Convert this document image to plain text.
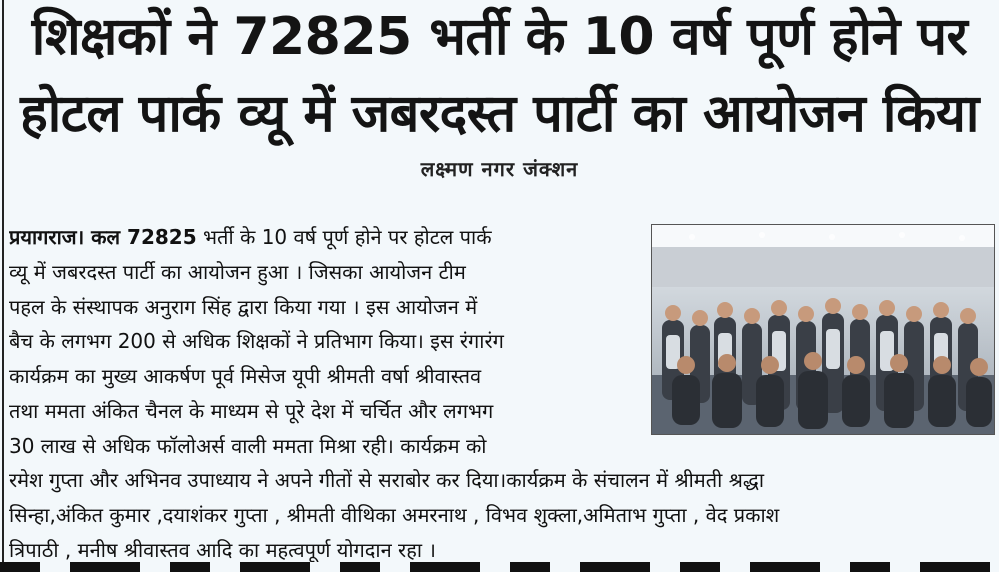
शिक्षकों ने 72825 भर्ती के 10 वर्ष पूर्ण होने पर
होटल पार्क व्यू में जबरदस्त पार्टी का आयोजन किया
लक्ष्मण नगर जंक्शन
प्रयागराज। कल 72825 भर्ती के 10 वर्ष पूर्ण होने पर होटल पार्क
व्यू में जबरदस्त पार्टी का आयोजन हुआ । जिसका आयोजन टीम
पहल के संस्थापक अनुराग सिंह द्वारा किया गया । इस आयोजन में
बैच के लगभग 200 से अधिक शिक्षकों ने प्रतिभाग किया। इस रंगारंग
कार्यक्रम का मुख्य आकर्षण पूर्व मिसेज यूपी श्रीमती वर्षा श्रीवास्तव
तथा ममता अंकित चैनल के माध्यम से पूरे देश में चर्चित और लगभग
30 लाख से अधिक फॉलोअर्स वाली ममता मिश्रा रही। कार्यक्रम को
रमेश गुप्ता और अभिनव उपाध्याय ने अपने गीतों से सराबोर कर दिया।कार्यक्रम के संचालन में श्रीमती श्रद्धा
सिन्हा,अंकित कुमार ,दयाशंकर गुप्ता , श्रीमती वीथिका अमरनाथ , विभव शुक्ला,अमिताभ गुप्ता , वेद प्रकाश
त्रिपाठी , मनीष श्रीवास्तव आदि का महत्वपूर्ण योगदान रहा ।
